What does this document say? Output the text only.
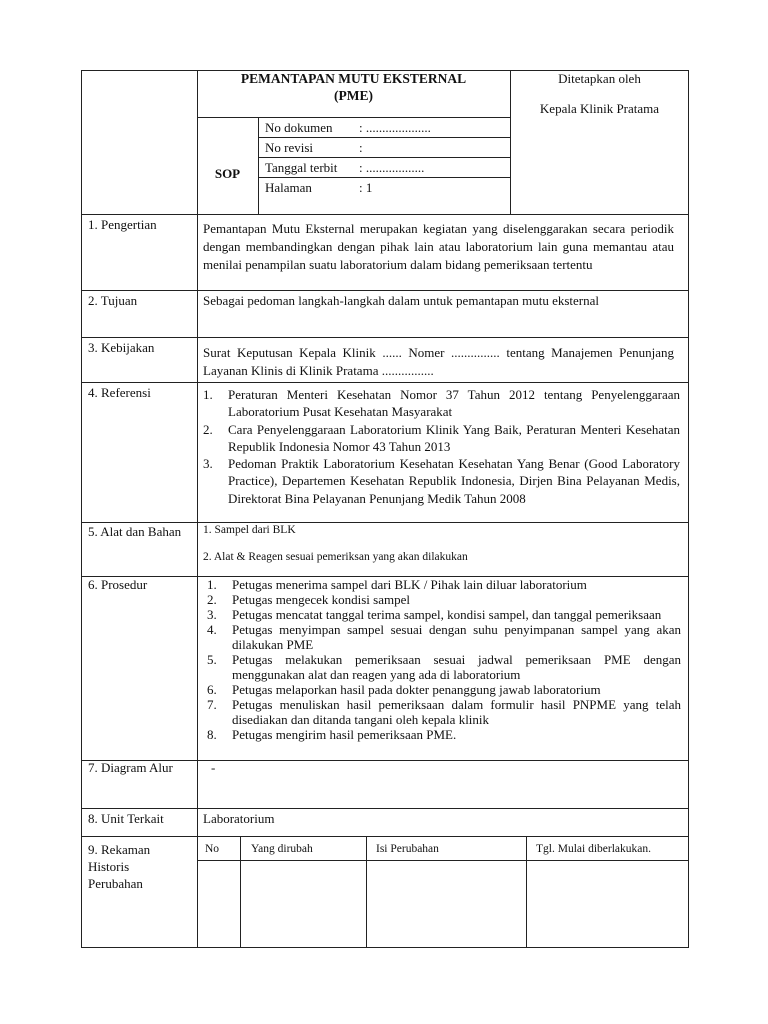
PEMANTAPAN MUTU EKSTERNAL
(PME)
Ditetapkan oleh
Kepala Klinik Pratama
SOP
No dokumen : ....................
No revisi	:
Tanggal terbit : ..................
Halaman	: 1
1. Pengertian	Pemantapan Mutu Eksternal merupakan kegiatan yang diselenggarakan secara periodik dengan membandingkan dengan pihak lain atau laboratorium lain guna memantau atau menilai penampilan suatu laboratorium dalam bidang pemeriksaan tertentu
2. Tujuan	Sebagai pedoman langkah-langkah dalam untuk pemantapan mutu eksternal
3. Kebijakan	Surat Keputusan Kepala Klinik ...... Nomer ............... tentang Manajemen Penunjang Layanan Klinis di Klinik Pratama ................
4. Referensi	1. Peraturan Menteri Kesehatan Nomor 37 Tahun 2012 tentang Penyelenggaraan Laboratorium Pusat Kesehatan Masyarakat
2. Cara Penyelenggaraan Laboratorium Klinik Yang Baik, Peraturan Menteri Kesehatan Republik Indonesia Nomor 43 Tahun 2013
3. Pedoman Praktik Laboratorium Kesehatan Kesehatan Yang Benar (Good Laboratory Practice), Departemen Kesehatan Republik Indonesia, Dirjen Bina Pelayanan Medis, Direktorat Bina Pelayanan Penunjang Medik Tahun 2008
5. Alat dan Bahan	1. Sampel dari BLK
2. Alat & Reagen sesuai pemeriksan yang akan dilakukan
6. Prosedur	1. Petugas menerima sampel dari BLK / Pihak lain diluar laboratorium
2. Petugas mengecek kondisi sampel
3. Petugas mencatat tanggal terima sampel, kondisi sampel, dan tanggal pemeriksaan
4. Petugas menyimpan sampel sesuai dengan suhu penyimpanan sampel yang akan dilakukan PME
5. Petugas melakukan pemeriksaan sesuai jadwal pemeriksaan PME dengan menggunakan alat dan reagen yang ada di laboratorium
6. Petugas melaporkan hasil pada dokter penanggung jawab laboratorium
7. Petugas menuliskan hasil pemeriksaan dalam formulir hasil PNPME yang telah disediakan dan ditanda tangani oleh kepala klinik
8. Petugas mengirim hasil pemeriksaan PME.
7. Diagram Alur	-
8. Unit Terkait	Laboratorium
9. Rekaman Historis Perubahan
No	Yang dirubah	Isi Perubahan	Tgl. Mulai diberlakukan.
